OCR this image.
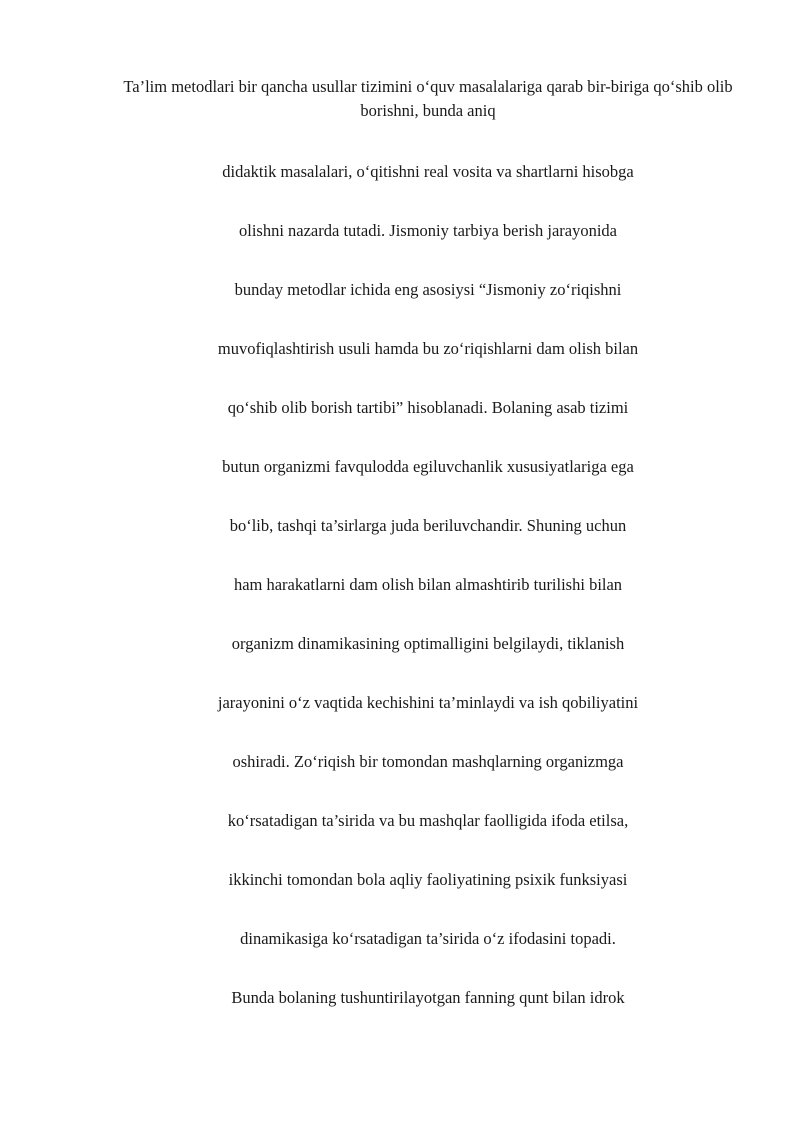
Ta’lim metodlari bir qancha usullar tizimini o‘quv masalalariga qarab bir-biriga qo‘shib olib borishni, bunda aniq

didaktik masalalari, o‘qitishni real vosita va shartlarni hisobga
olishni nazarda tutadi. Jismoniy tarbiya berish jarayonida
bunday metodlar ichida eng asosiysi “Jismoniy zo‘riqishni
muvofiqlashtirish usuli hamda bu zo‘riqishlarni dam olish bilan
qo‘shib olib borish tartibi” hisoblanadi. Bolaning asab tizimi
butun organizmi favqulodda egiluvchanlik xususiyatlariga ega
bo‘lib, tashqi ta’sirlarga juda beriluvchandir. Shuning uchun
ham harakatlarni dam olish bilan almashtirib turilishi bilan
organizm dinamikasining optimalligini belgilaydi, tiklanish
jarayonini o‘z vaqtida kechishini ta’minlaydi va ish qobiliyatini
oshiradi. Zo‘riqish bir tomondan mashqlarning organizmga
ko‘rsatadigan ta’sirida va bu mashqlar faolligida ifoda etilsa,
ikkinchi tomondan bola aqliy faoliyatining psixik funksiyasi
dinamikasiga ko‘rsatadigan ta’sirida o‘z ifodasini topadi.
Bunda bolaning tushuntirilayotgan fanning qunt bilan idrok
